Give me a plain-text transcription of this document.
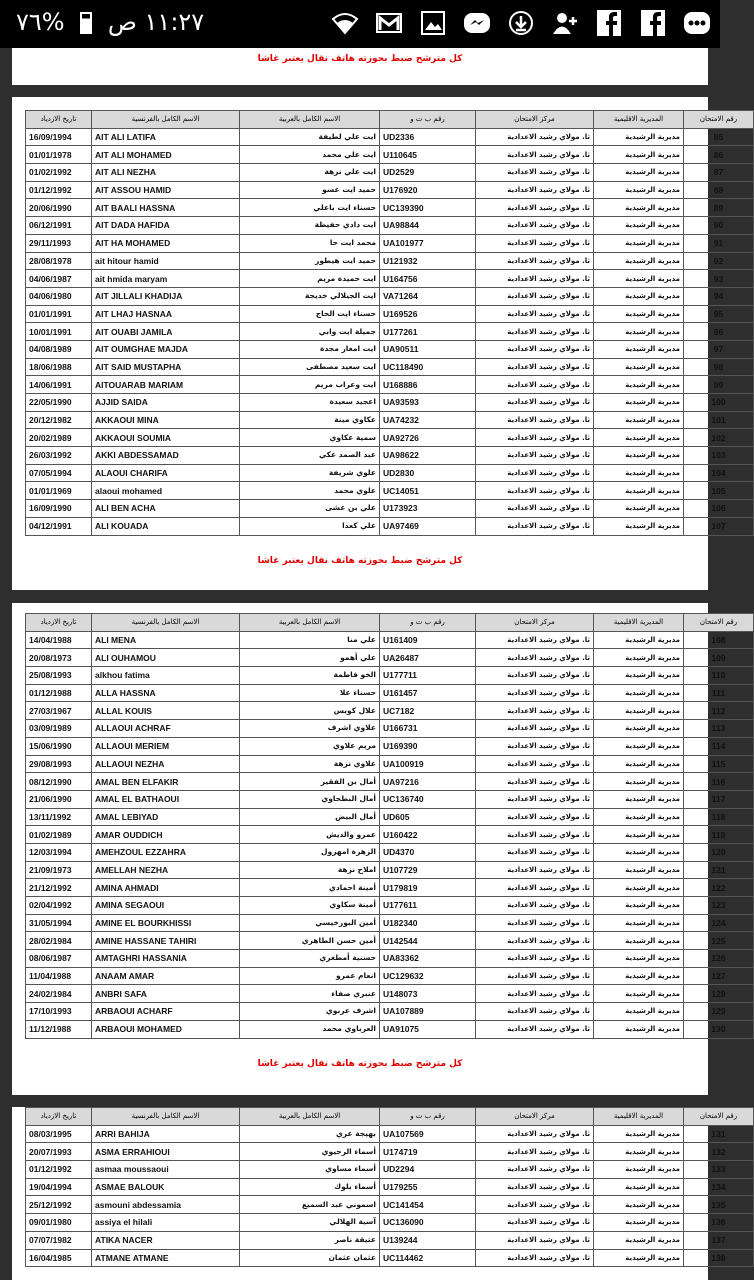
١١:٢٧ ص  %٧٦
كل مترشح ضبط بحوزته هاتف نقال يعتبر غاشا
تاريخ الازدياد	الاسم الكامل بالفرنسية	الاسم الكامل بالعربية	رقم ب ت و	مركز الامتحان	المديرية الاقليمية	رقم الامتحان
16/09/1994	AIT ALI LATIFA	ايت علي لطيفة	UD2336	ثا. مولاي رشيد الاعدادية	مديرية الرشيدية	85
01/01/1978	AIT ALI MOHAMED	ايت علي محمد	U110645	ثا. مولاي رشيد الاعدادية	مديرية الرشيدية	86
01/02/1992	AIT ALI NEZHA	ايت علي نزهة	UD2529	ثا. مولاي رشيد الاعدادية	مديرية الرشيدية	87
01/12/1992	AIT ASSOU HAMID	حميد ايت عسو	U176920	ثا. مولاي رشيد الاعدادية	مديرية الرشيدية	88
20/06/1990	AIT BAALI HASSNA	حسناء ايت باعلي	UC139390	ثا. مولاي رشيد الاعدادية	مديرية الرشيدية	89
06/12/1991	AIT DADA HAFIDA	ايت دادي حفيظة	UA98844	ثا. مولاي رشيد الاعدادية	مديرية الرشيدية	90
29/11/1993	AIT HA MOHAMED	محمد ايت حا	UA101977	ثا. مولاي رشيد الاعدادية	مديرية الرشيدية	91
28/08/1978	ait hitour hamid	حميد ايت هيطور	U121932	ثا. مولاي رشيد الاعدادية	مديرية الرشيدية	92
04/06/1987	ait hmida maryam	ايت حميدة مريم	U164756	ثا. مولاي رشيد الاعدادية	مديرية الرشيدية	93
04/06/1980	AIT JILLALI KHADIJA	ايت الجيلالي خديجة	VA71264	ثا. مولاي رشيد الاعدادية	مديرية الرشيدية	94
01/01/1991	AIT LHAJ HASNAA	حسناء ايت الحاج	U169526	ثا. مولاي رشيد الاعدادية	مديرية الرشيدية	95
10/01/1991	AIT OUABI JAMILA	جميلة ايت وابي	U177261	ثا. مولاي رشيد الاعدادية	مديرية الرشيدية	96
04/08/1989	AIT OUMGHAE MAJDA	ايت امغار مجدة	UA90511	ثا. مولاي رشيد الاعدادية	مديرية الرشيدية	97
18/06/1988	AIT SAID MUSTAPHA	ايت سعيد مصطفى	UC118490	ثا. مولاي رشيد الاعدادية	مديرية الرشيدية	98
14/06/1991	AITOUARAB MARIAM	ايت وعراب مريم	U168886	ثا. مولاي رشيد الاعدادية	مديرية الرشيدية	99
22/05/1990	AJJID SAIDA	اعجيد سعيدة	UA93593	ثا. مولاي رشيد الاعدادية	مديرية الرشيدية	100
20/12/1982	AKKAOUI MINA	عكاوي مينة	UA74232	ثا. مولاي رشيد الاعدادية	مديرية الرشيدية	101
20/02/1989	AKKAOUI SOUMIA	سمية عكاوي	UA92726	ثا. مولاي رشيد الاعدادية	مديرية الرشيدية	102
26/03/1992	AKKI ABDESSAMAD	عبد الصمد عكي	UA98622	ثا. مولاي رشيد الاعدادية	مديرية الرشيدية	103
07/05/1994	ALAOUI CHARIFA	علوي شريفة	UD2830	ثا. مولاي رشيد الاعدادية	مديرية الرشيدية	104
01/01/1969	alaoui mohamed	علوي محمد	UC14051	ثا. مولاي رشيد الاعدادية	مديرية الرشيدية	105
16/09/1990	ALI BEN ACHA	علي بن عشى	U173923	ثا. مولاي رشيد الاعدادية	مديرية الرشيدية	106
04/12/1991	ALI KOUADA	علي كعدا	UA97469	ثا. مولاي رشيد الاعدادية	مديرية الرشيدية	107
كل مترشح ضبط بحوزته هاتف نقال يعتبر غاشا
تاريخ الازدياد	الاسم الكامل بالفرنسية	الاسم الكامل بالعربية	رقم ب ت و	مركز الامتحان	المديرية الاقليمية	رقم الامتحان
14/04/1988	ALI MENA	علي منا	U161409	ثا. مولاي رشيد الاعدادية	مديرية الرشيدية	108
20/08/1973	ALI OUHAMOU	علي أهمو	UA26487	ثا. مولاي رشيد الاعدادية	مديرية الرشيدية	109
25/08/1993	alkhou fatima	الخو فاطمة	U177711	ثا. مولاي رشيد الاعدادية	مديرية الرشيدية	110
01/12/1988	ALLA HASSNA	حسناء علا	U161457	ثا. مولاي رشيد الاعدادية	مديرية الرشيدية	111
27/03/1967	ALLAL KOUIS	علال كويس	UC7182	ثا. مولاي رشيد الاعدادية	مديرية الرشيدية	112
03/09/1989	ALLAOUI ACHRAF	علاوي اشرف	U166731	ثا. مولاي رشيد الاعدادية	مديرية الرشيدية	113
15/06/1990	ALLAOUI MERIEM	مريم علاوي	U169390	ثا. مولاي رشيد الاعدادية	مديرية الرشيدية	114
29/08/1993	ALLAOUI NEZHA	علاوي نزهة	UA100919	ثا. مولاي رشيد الاعدادية	مديرية الرشيدية	115
08/12/1990	AMAL BEN ELFAKIR	أمال بن الفقير	UA97216	ثا. مولاي رشيد الاعدادية	مديرية الرشيدية	116
21/06/1990	AMAL EL BATHAOUI	أمال البطحاوي	UC136740	ثا. مولاي رشيد الاعدادية	مديرية الرشيدية	117
13/11/1992	AMAL LEBIYAD	أمال البيض	UD605	ثا. مولاي رشيد الاعدادية	مديرية الرشيدية	118
01/02/1989	AMAR OUDDICH	عمرو والديش	U160422	ثا. مولاي رشيد الاعدادية	مديرية الرشيدية	119
12/03/1994	AMEHZOUL EZZAHRA	الزهرة امهزول	UD4370	ثا. مولاي رشيد الاعدادية	مديرية الرشيدية	120
21/09/1973	AMELLAH NEZHA	املاح نزهة	U107729	ثا. مولاي رشيد الاعدادية	مديرية الرشيدية	121
21/12/1992	AMINA AHMADI	أمينة احمادي	U179819	ثا. مولاي رشيد الاعدادية	مديرية الرشيدية	122
02/04/1992	AMINA SEGAOUI	أمينة سكاوي	U177611	ثا. مولاي رشيد الاعدادية	مديرية الرشيدية	123
31/05/1994	AMINE EL BOURKHISSI	أمين البورخيسي	U182340	ثا. مولاي رشيد الاعدادية	مديرية الرشيدية	124
28/02/1984	AMINE HASSANE TAHIRI	أمين حسن الطاهري	U142544	ثا. مولاي رشيد الاعدادية	مديرية الرشيدية	125
08/06/1987	AMTAGHRI HASSANIA	حسنية أمطغري	UA83362	ثا. مولاي رشيد الاعدادية	مديرية الرشيدية	126
11/04/1988	ANAAM AMAR	انعام عمرو	UC129632	ثا. مولاي رشيد الاعدادية	مديرية الرشيدية	127
24/02/1984	ANBRI SAFA	عنبري صفاء	U148073	ثا. مولاي رشيد الاعدادية	مديرية الرشيدية	128
17/10/1993	ARBAOUI ACHARF	اشرف عربوي	UA107889	ثا. مولاي رشيد الاعدادية	مديرية الرشيدية	129
11/12/1988	ARBAOUI MOHAMED	العرباوي محمد	UA91075	ثا. مولاي رشيد الاعدادية	مديرية الرشيدية	130
كل مترشح ضبط بحوزته هاتف نقال يعتبر غاشا
تاريخ الازدياد	الاسم الكامل بالفرنسية	الاسم الكامل بالعربية	رقم ب ت و	مركز الامتحان	المديرية الاقليمية	رقم الامتحان
08/03/1995	ARRI BAHIJA	بهيجة عري	UA107569	ثا. مولاي رشيد الاعدادية	مديرية الرشيدية	131
20/07/1993	ASMA ERRAHIOUI	أسماء الرحيوي	U174719	ثا. مولاي رشيد الاعدادية	مديرية الرشيدية	132
01/12/1992	asmaa moussaoui	أسماء مساوي	UD2294	ثا. مولاي رشيد الاعدادية	مديرية الرشيدية	133
19/04/1994	ASMAE BALOUK	أسماء بلوك	U179255	ثا. مولاي رشيد الاعدادية	مديرية الرشيدية	134
25/12/1992	asmouni abdessamia	اسموني عبد السميع	UC141454	ثا. مولاي رشيد الاعدادية	مديرية الرشيدية	135
09/01/1980	assiya el hilali	آسية الهلالي	UC136090	ثا. مولاي رشيد الاعدادية	مديرية الرشيدية	136
07/07/1982	ATIKA NACER	عتيقة ناصر	U139244	ثا. مولاي رشيد الاعدادية	مديرية الرشيدية	137
16/04/1985	ATMANE ATMANE	عثمان عثمان	UC114462	ثا. مولاي رشيد الاعدادية	مديرية الرشيدية	138
